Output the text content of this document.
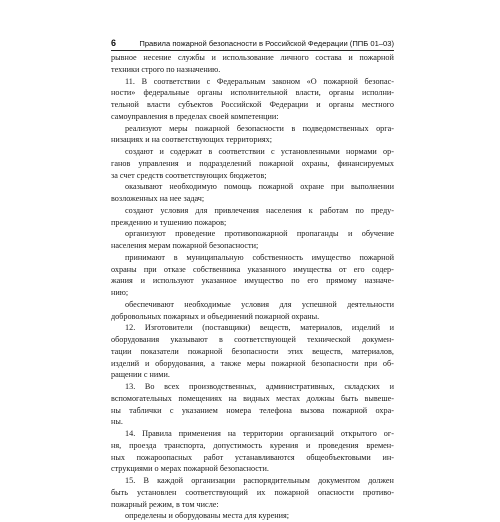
6	Правила пожарной безопасности в Российской Федерации (ППБ 01–03)
рывное несение службы и использование личного состава и пожарной
техники строго по назначению.
11. В соответствии с Федеральным законом «О пожарной безопас-
ности» федеральные органы исполнительной власти, органы исполни-
тельной власти субъектов Российской Федерации и органы местного
самоуправления в пределах своей компетенции:
реализуют меры пожарной безопасности в подведомственных орга-
низациях и на соответствующих территориях;
создают и содержат в соответствии с установленными нормами ор-
ганов управления и подразделений пожарной охраны, финансируемых
за счет средств соответствующих бюджетов;
оказывают необходимую помощь пожарной охране при выполнении
возложенных на нее задач;
создают условия для привлечения населения к работам по преду-
преждению и тушению пожаров;
организуют проведение противопожарной пропаганды и обучение
населения мерам пожарной безопасности;
принимают в муниципальную собственность имущество пожарной
охраны при отказе собственника указанного имущества от его содер-
жания и используют указанное имущество по его прямому назначе-
нию;
обеспечивают необходимые условия для успешной деятельности
добровольных пожарных и объединений пожарной охраны.
12. Изготовители (поставщики) веществ, материалов, изделий и
оборудования указывают в соответствующей технической докумен-
тации показатели пожарной безопасности этих веществ, материалов,
изделий и оборудования, а также меры пожарной безопасности при об-
ращении с ними.
13. Во всех производственных, административных, складских и
вспомогательных помещениях на видных местах должны быть вывеше-
ны таблички с указанием номера телефона вызова пожарной охра-
ны.
14. Правила применения на территории организаций открытого ог-
ня, проезда транспорта, допустимость курения и проведения времен-
ных пожароопасных работ устанавливаются общеобъектовыми ин-
струкциями о мерах пожарной безопасности.
15. В каждой организации распорядительным документом должен
быть установлен соответствующий их пожарной опасности противо-
пожарный режим, в том числе:
определены и оборудованы места для курения;
